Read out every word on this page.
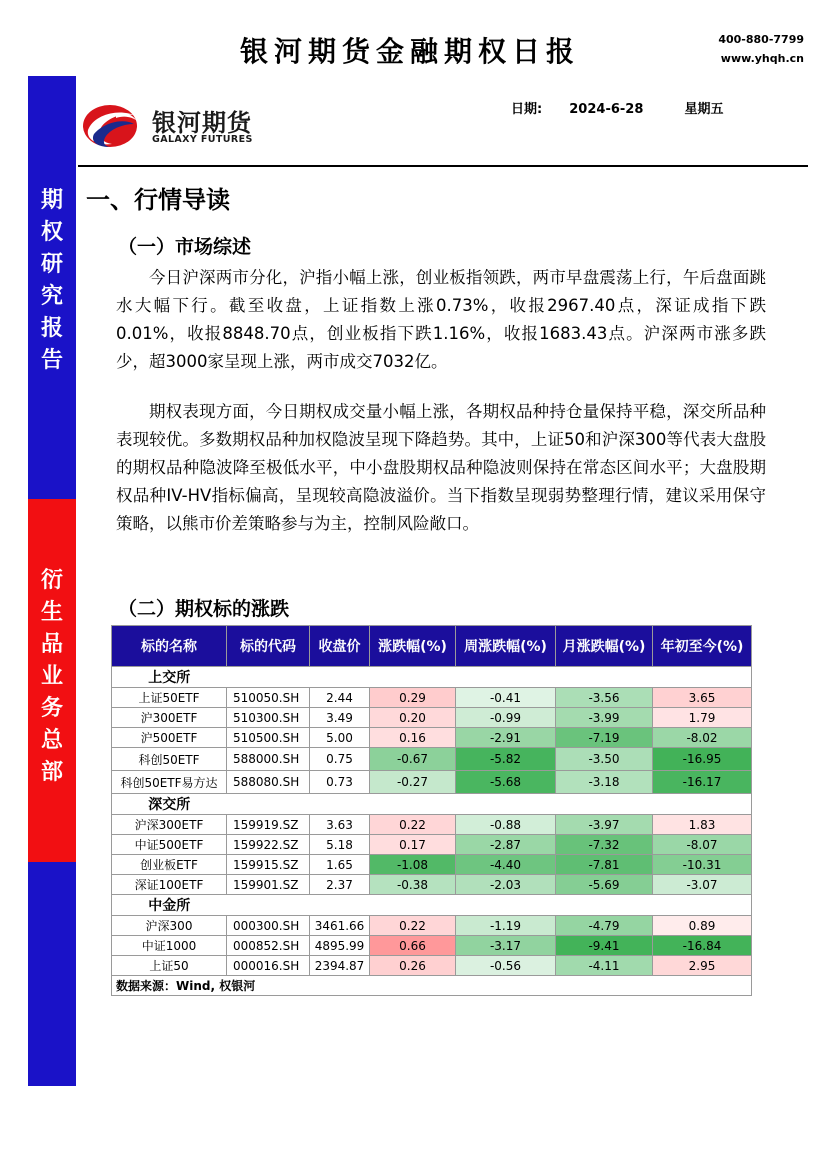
银河期货金融期权日报	400-880-7799
www.yhqh.cn
期
权
研
究
报
告
衍
生
品
业
务
总
部
银河期货
GALAXY FUTURES
日期: 2024-6-28	星期五
一、行情导读
（一）市场综述
今日沪深两市分化，沪指小幅上涨，创业板指领跌，两市早盘震荡上行，午后盘面跳水大幅下行。截至收盘，上证指数上涨0.73%，收报2967.40点，深证成指下跌0.01%，收报8848.70点，创业板指下跌1.16%，收报1683.43点。沪深两市涨多跌少，超3000家呈现上涨，两市成交7032亿。
期权表现方面，今日期权成交量小幅上涨，各期权品种持仓量保持平稳，深交所品种表现较优。多数期权品种加权隐波呈现下降趋势。其中，上证50和沪深300等代表大盘股的期权品种隐波降至极低水平，中小盘股期权品种隐波则保持在常态区间水平；大盘股期权品种IV-HV指标偏高，呈现较高隐波溢价。当下指数呈现弱势整理行情，建议采用保守策略，以熊市价差策略参与为主，控制风险敞口。
（二）期权标的涨跌
标的名称	标的代码	收盘价	涨跌幅(%)	周涨跌幅(%)	月涨跌幅(%)	年初至今(%)
上交所						
上证50ETF	510050.SH	2.44	0.29	-0.41	-3.56	3.65
沪300ETF	510300.SH	3.49	0.20	-0.99	-3.99	1.79
沪500ETF	510500.SH	5.00	0.16	-2.91	-7.19	-8.02
科创50ETF	588000.SH	0.75	-0.67	-5.82	-3.50	-16.95
科创50ETF易方达	588080.SH	0.73	-0.27	-5.68	-3.18	-16.17
深交所						
沪深300ETF	159919.SZ	3.63	0.22	-0.88	-3.97	1.83
中证500ETF	159922.SZ	5.18	0.17	-2.87	-7.32	-8.07
创业板ETF	159915.SZ	1.65	-1.08	-4.40	-7.81	-10.31
深证100ETF	159901.SZ	2.37	-0.38	-2.03	-5.69	-3.07
中金所						
沪深300	000300.SH	3461.66	0.22	-1.19	-4.79	0.89
中证1000	000852.SH	4895.99	0.66	-3.17	-9.41	-16.84
上证50	000016.SH	2394.87	0.26	-0.56	-4.11	2.95
数据来源：Wind, 权银河						
